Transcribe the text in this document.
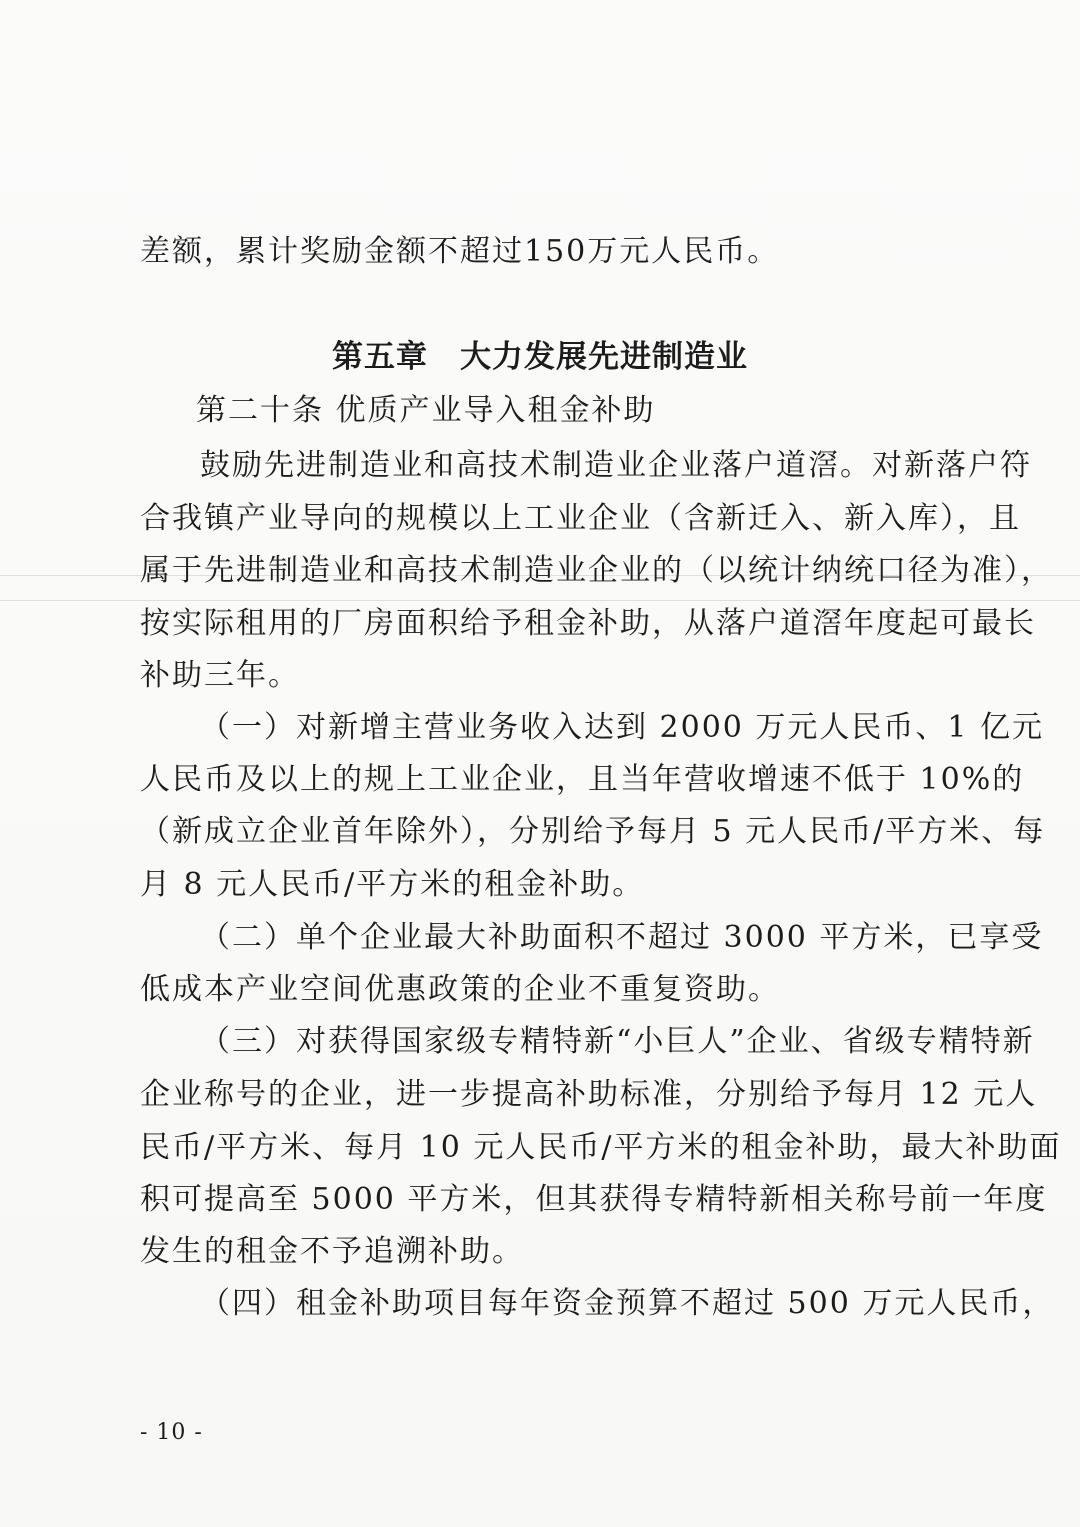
差额，累计奖励金额不超过150万元人民币。
第五章　大力发展先进制造业
第二十条 优质产业导入租金补助
鼓励先进制造业和高技术制造业企业落户道滘。对新落户符
合我镇产业导向的规模以上工业企业（含新迁入、新入库），且
属于先进制造业和高技术制造业企业的（以统计纳统口径为准），
按实际租用的厂房面积给予租金补助，从落户道滘年度起可最长
补助三年。
（一）对新增主营业务收入达到 2000 万元人民币、1 亿元
人民币及以上的规上工业企业，且当年营收增速不低于 10%的
（新成立企业首年除外），分别给予每月 5 元人民币/平方米、每
月 8 元人民币/平方米的租金补助。
（二）单个企业最大补助面积不超过 3000 平方米，已享受
低成本产业空间优惠政策的企业不重复资助。
（三）对获得国家级专精特新“小巨人”企业、省级专精特新
企业称号的企业，进一步提高补助标准，分别给予每月 12 元人
民币/平方米、每月 10 元人民币/平方米的租金补助，最大补助面
积可提高至 5000 平方米，但其获得专精特新相关称号前一年度
发生的租金不予追溯补助。
（四）租金补助项目每年资金预算不超过 500 万元人民币，
- 10 -
